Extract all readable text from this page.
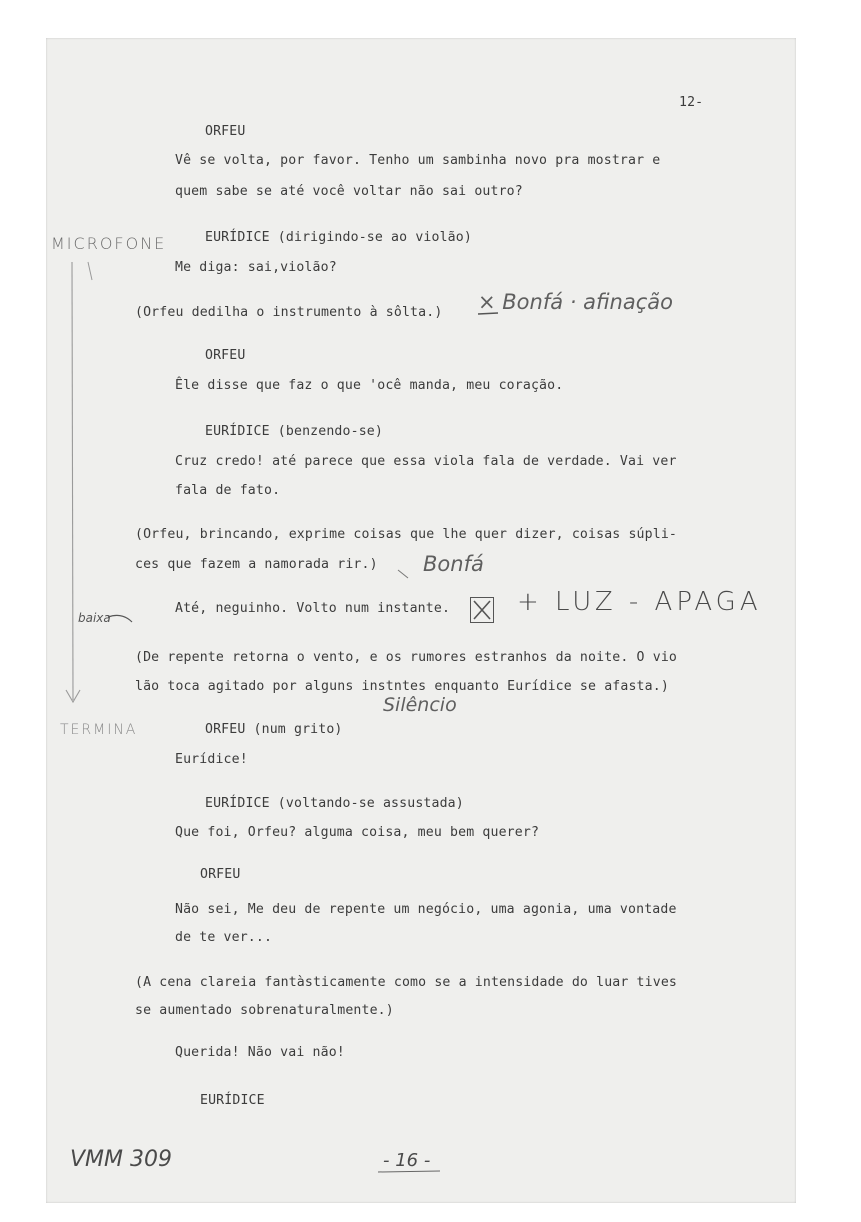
12-
ORFEU
Vê se volta, por favor. Tenho um sambinha novo pra mostrar e
quem sabe se até você voltar não sai outro?
EURÍDICE (dirigindo-se ao violão)
Me diga: sai,violão?
(Orfeu dedilha o instrumento à sôlta.)
ORFEU
Êle disse que faz o que 'ocê manda, meu coração.
EURÍDICE (benzendo-se)
Cruz credo! até parece que essa viola fala de verdade. Vai ver
fala de fato.
(Orfeu, brincando, exprime coisas que lhe quer dizer, coisas súpli-
ces que fazem a namorada rir.)
Até, neguinho. Volto num instante.
(De repente retorna o vento, e os rumores estranhos da noite. O vio
lão toca agitado por alguns instntes enquanto Eurídice se afasta.)
ORFEU (num grito)
Eurídice!
EURÍDICE (voltando-se assustada)
Que foi, Orfeu? alguma coisa, meu bem querer?
ORFEU
Não sei, Me deu de repente um negócio, uma agonia, uma vontade
de te ver...
(A cena clareia fantàsticamente como se a intensidade do luar tives
se aumentado sobrenaturalmente.)
Querida! Não vai não!
EURÍDICE
MICROFONE
× Bonfá · afinação
Bonfá
+ LUZ - APAGA
Silêncio
TERMINA
baixa
VMM 309	- 16 -
